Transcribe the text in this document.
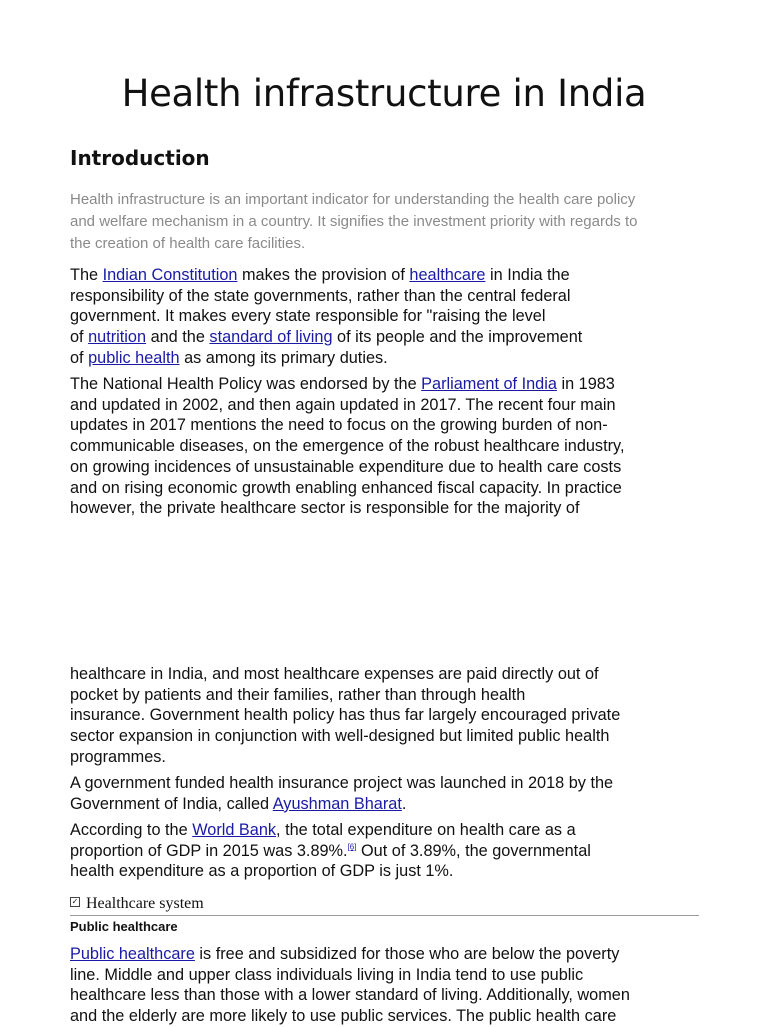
Health infrastructure in India
Introduction
Health infrastructure is an important indicator for understanding the health care policy
and welfare mechanism in a country. It signifies the investment priority with regards to
the creation of health care facilities.
The Indian Constitution makes the provision of healthcare in India the
responsibility of the state governments, rather than the central federal
government. It makes every state responsible for "raising the level
of nutrition and the standard of living of its people and the improvement
of public health as among its primary duties.
The National Health Policy was endorsed by the Parliament of India in 1983
and updated in 2002, and then again updated in 2017. The recent four main
updates in 2017 mentions the need to focus on the growing burden of non-
communicable diseases, on the emergence of the robust healthcare industry,
on growing incidences of unsustainable expenditure due to health care costs
and on rising economic growth enabling enhanced fiscal capacity. In practice
however, the private healthcare sector is responsible for the majority of
healthcare in India, and most healthcare expenses are paid directly out of
pocket by patients and their families, rather than through health
insurance. Government health policy has thus far largely encouraged private
sector expansion in conjunction with well-designed but limited public health
programmes.
A government funded health insurance project was launched in 2018 by the
Government of India, called Ayushman Bharat.
According to the World Bank, the total expenditure on health care as a
proportion of GDP in 2015 was 3.89%.[6] Out of 3.89%, the governmental
health expenditure as a proportion of GDP is just 1%.
✓ Healthcare system
Public healthcare
Public healthcare is free and subsidized for those who are below the poverty
line. Middle and upper class individuals living in India tend to use public
healthcare less than those with a lower standard of living. Additionally, women
and the elderly are more likely to use public services. The public health care
